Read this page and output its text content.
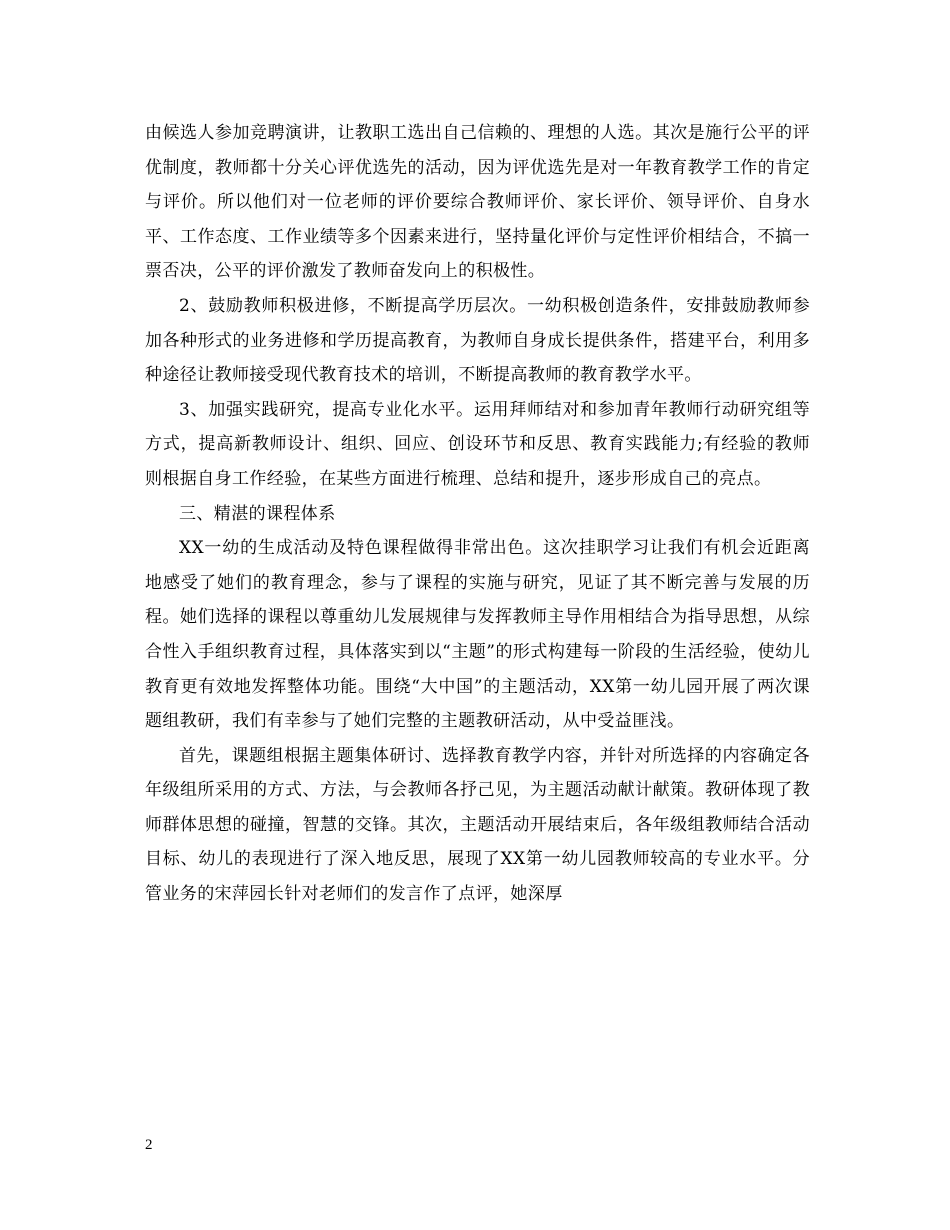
由候选人参加竞聘演讲，让教职工选出自己信赖的、理想的人选。其次是施行公平的评优制度，教师都十分关心评优选先的活动，因为评优选先是对一年教育教学工作的肯定与评价。所以他们对一位老师的评价要综合教师评价、家长评价、领导评价、自身水平、工作态度、工作业绩等多个因素来进行，坚持量化评价与定性评价相结合，不搞一票否决，公平的评价激发了教师奋发向上的积极性。

2、鼓励教师积极进修，不断提高学历层次。一幼积极创造条件，安排鼓励教师参加各种形式的业务进修和学历提高教育，为教师自身成长提供条件，搭建平台，利用多种途径让教师接受现代教育技术的培训，不断提高教师的教育教学水平。

3、加强实践研究，提高专业化水平。运用拜师结对和参加青年教师行动研究组等方式，提高新教师设计、组织、回应、创设环节和反思、教育实践能力;有经验的教师则根据自身工作经验，在某些方面进行梳理、总结和提升，逐步形成自己的亮点。

三、精湛的课程体系

XX一幼的生成活动及特色课程做得非常出色。这次挂职学习让我们有机会近距离地感受了她们的教育理念，参与了课程的实施与研究，见证了其不断完善与发展的历程。她们选择的课程以尊重幼儿发展规律与发挥教师主导作用相结合为指导思想，从综合性入手组织教育过程，具体落实到以“主题”的形式构建每一阶段的生活经验，使幼儿教育更有效地发挥整体功能。围绕“大中国”的主题活动，XX第一幼儿园开展了两次课题组教研，我们有幸参与了她们完整的主题教研活动，从中受益匪浅。

首先，课题组根据主题集体研讨、选择教育教学内容，并针对所选择的内容确定各年级组所采用的方式、方法，与会教师各抒己见，为主题活动献计献策。教研体现了教师群体思想的碰撞，智慧的交锋。其次，主题活动开展结束后，各年级组教师结合活动目标、幼儿的表现进行了深入地反思，展现了XX第一幼儿园教师较高的专业水平。分管业务的宋萍园长针对老师们的发言作了点评，她深厚

2
